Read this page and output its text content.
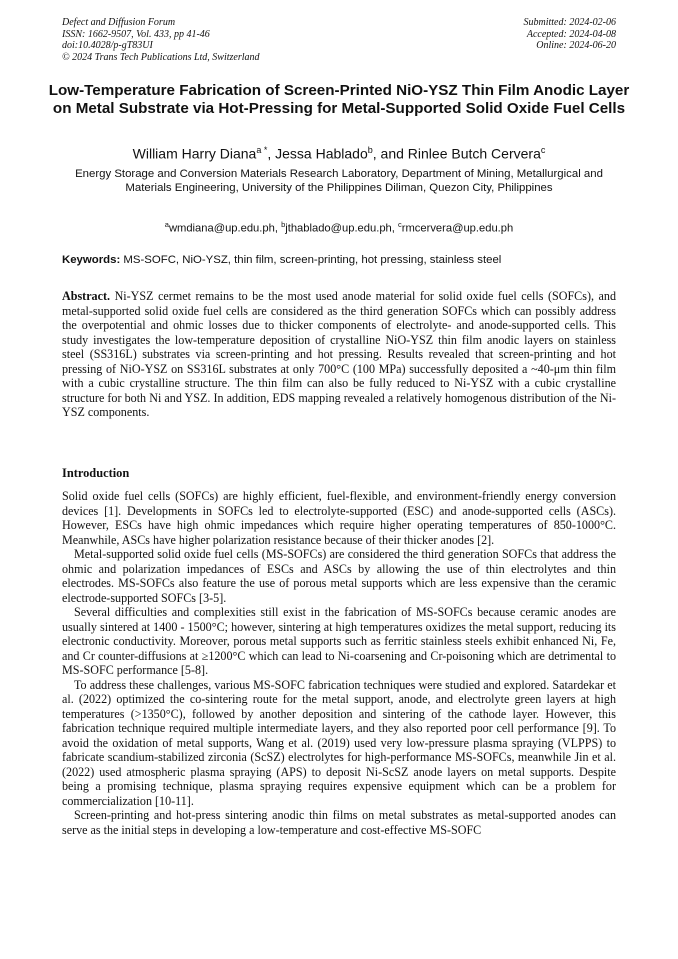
Defect and Diffusion Forum
ISSN: 1662-9507, Vol. 433, pp 41-46
doi:10.4028/p-gT83UI
© 2024 Trans Tech Publications Ltd, Switzerland
Submitted: 2024-02-06
Accepted: 2024-04-08
Online: 2024-06-20
Low-Temperature Fabrication of Screen-Printed NiO-YSZ Thin Film Anodic Layer on Metal Substrate via Hot-Pressing for Metal-Supported Solid Oxide Fuel Cells
William Harry Diana$^{a *}$, Jessa Hablado$^b$, and Rinlee Butch Cervera$^c$
Energy Storage and Conversion Materials Research Laboratory, Department of Mining, Metallurgical and Materials Engineering, University of the Philippines Diliman, Quezon City, Philippines
$^a$wmdiana@up.edu.ph, $^b$jthablado@up.edu.ph, $^c$rmcervera@up.edu.ph
Keywords: MS-SOFC, NiO-YSZ, thin film, screen-printing, hot pressing, stainless steel
Abstract. Ni-YSZ cermet remains to be the most used anode material for solid oxide fuel cells (SOFCs), and metal-supported solid oxide fuel cells are considered as the third generation SOFCs which can possibly address the overpotential and ohmic losses due to thicker components of electrolyte- and anode-supported cells. This study investigates the low-temperature deposition of crystalline NiO-YSZ thin film anodic layers on stainless steel (SS316L) substrates via screen-printing and hot pressing. Results revealed that screen-printing and hot pressing of NiO-YSZ on SS316L substrates at only 700°C (100 MPa) successfully deposited a ~40-μm thin film with a cubic crystalline structure. The thin film can also be fully reduced to Ni-YSZ with a cubic crystalline structure for both Ni and YSZ. In addition, EDS mapping revealed a relatively homogenous distribution of the Ni-YSZ components.
Introduction

Solid oxide fuel cells (SOFCs) are highly efficient, fuel-flexible, and environment-friendly energy conversion devices [1]. Developments in SOFCs led to electrolyte-supported (ESC) and anode-supported cells (ASCs). However, ESCs have high ohmic impedances which require higher operating temperatures of 850-1000°C. Meanwhile, ASCs have higher polarization resistance because of their thicker anodes [2].

Metal-supported solid oxide fuel cells (MS-SOFCs) are considered the third generation SOFCs that address the ohmic and polarization impedances of ESCs and ASCs by allowing the use of thin electrolytes and thin electrodes. MS-SOFCs also feature the use of porous metal supports which are less expensive than the ceramic electrode-supported SOFCs [3-5].

Several difficulties and complexities still exist in the fabrication of MS-SOFCs because ceramic anodes are usually sintered at 1400 - 1500°C; however, sintering at high temperatures oxidizes the metal support, reducing its electronic conductivity. Moreover, porous metal supports such as ferritic stainless steels exhibit enhanced Ni, Fe, and Cr counter-diffusions at ≥1200°C which can lead to Ni-coarsening and Cr-poisoning which are detrimental to MS-SOFC performance [5-8].

To address these challenges, various MS-SOFC fabrication techniques were studied and explored. Satardekar et al. (2022) optimized the co-sintering route for the metal support, anode, and electrolyte green layers at high temperatures (>1350°C), followed by another deposition and sintering of the cathode layer. However, this fabrication technique required multiple intermediate layers, and they also reported poor cell performance [9]. To avoid the oxidation of metal supports, Wang et al. (2019) used very low-pressure plasma spraying (VLPPS) to fabricate scandium-stabilized zirconia (ScSZ) electrolytes for high-performance MS-SOFCs, meanwhile Jin et al. (2022) used atmospheric plasma spraying (APS) to deposit Ni-ScSZ anode layers on metal supports. Despite being a promising technique, plasma spraying requires expensive equipment which can be a problem for commercialization [10-11].

Screen-printing and hot-press sintering anodic thin films on metal substrates as metal-supported anodes can serve as the initial steps in developing a low-temperature and cost-effective MS-SOFC
